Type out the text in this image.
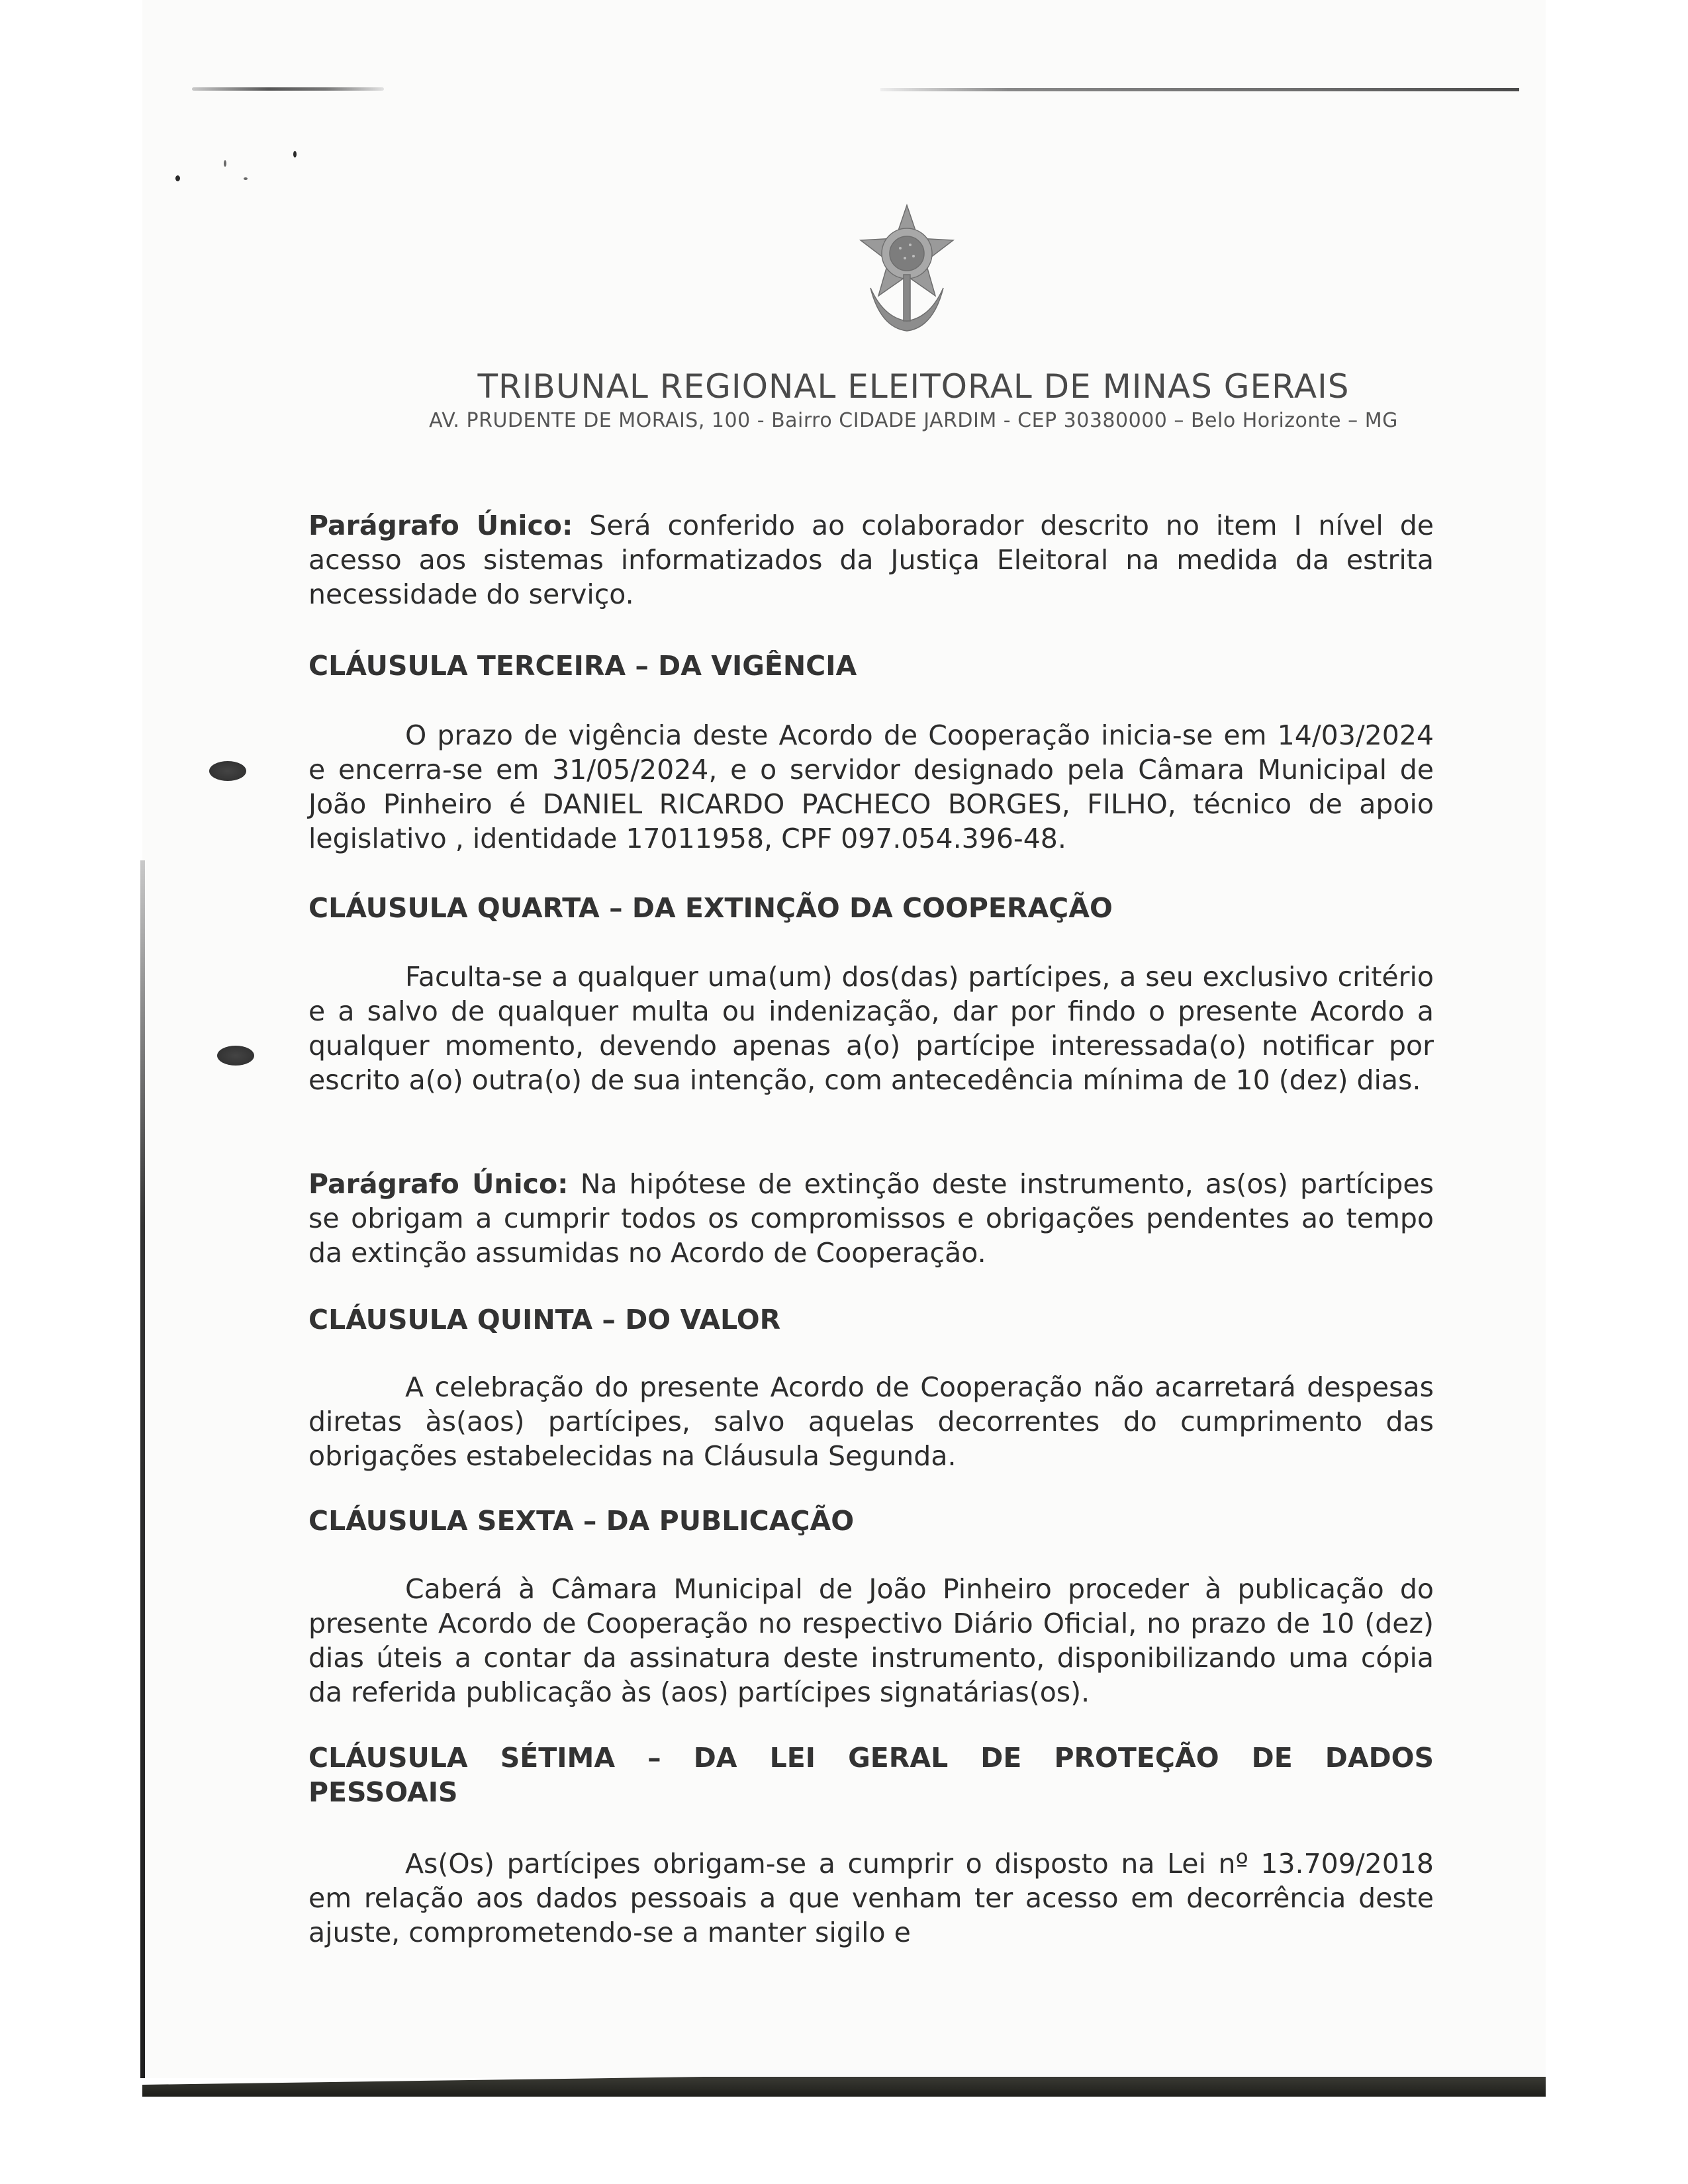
TRIBUNAL REGIONAL ELEITORAL DE MINAS GERAIS
AV. PRUDENTE DE MORAIS, 100 - Bairro CIDADE JARDIM - CEP 30380000 – Belo Horizonte – MG
Parágrafo Único: Será conferido ao colaborador descrito no item I nível de acesso aos sistemas informatizados da Justiça Eleitoral na medida da estrita necessidade do serviço.
CLÁUSULA TERCEIRA – DA VIGÊNCIA
O prazo de vigência deste Acordo de Cooperação inicia-se em 14/03/2024 e encerra-se em 31/05/2024, e o servidor designado pela Câmara Municipal de João Pinheiro é DANIEL RICARDO PACHECO BORGES, FILHO, técnico de apoio legislativo , identidade 17011958, CPF 097.054.396-48.
CLÁUSULA QUARTA – DA EXTINÇÃO DA COOPERAÇÃO
Faculta-se a qualquer uma(um) dos(das) partícipes, a seu exclusivo critério e a salvo de qualquer multa ou indenização, dar por findo o presente Acordo a qualquer momento, devendo apenas a(o) partícipe interessada(o) notificar por escrito a(o) outra(o) de sua intenção, com antecedência mínima de 10 (dez) dias.
Parágrafo Único: Na hipótese de extinção deste instrumento, as(os) partícipes se obrigam a cumprir todos os compromissos e obrigações pendentes ao tempo da extinção assumidas no Acordo de Cooperação.
CLÁUSULA QUINTA – DO VALOR
A celebração do presente Acordo de Cooperação não acarretará despesas diretas às(aos) partícipes, salvo aquelas decorrentes do cumprimento das obrigações estabelecidas na Cláusula Segunda.
CLÁUSULA SEXTA – DA PUBLICAÇÃO
Caberá à Câmara Municipal de João Pinheiro proceder à publicação do presente Acordo de Cooperação no respectivo Diário Oficial, no prazo de 10 (dez) dias úteis a contar da assinatura deste instrumento, disponibilizando uma cópia da referida publicação às (aos) partícipes signatárias(os).
CLÁUSULA SÉTIMA – DA LEI GERAL DE PROTEÇÃO DE DADOS PESSOAIS
As(Os) partícipes obrigam-se a cumprir o disposto na Lei nº 13.709/2018 em relação aos dados pessoais a que venham ter acesso em decorrência deste ajuste, comprometendo-se a manter sigilo e
